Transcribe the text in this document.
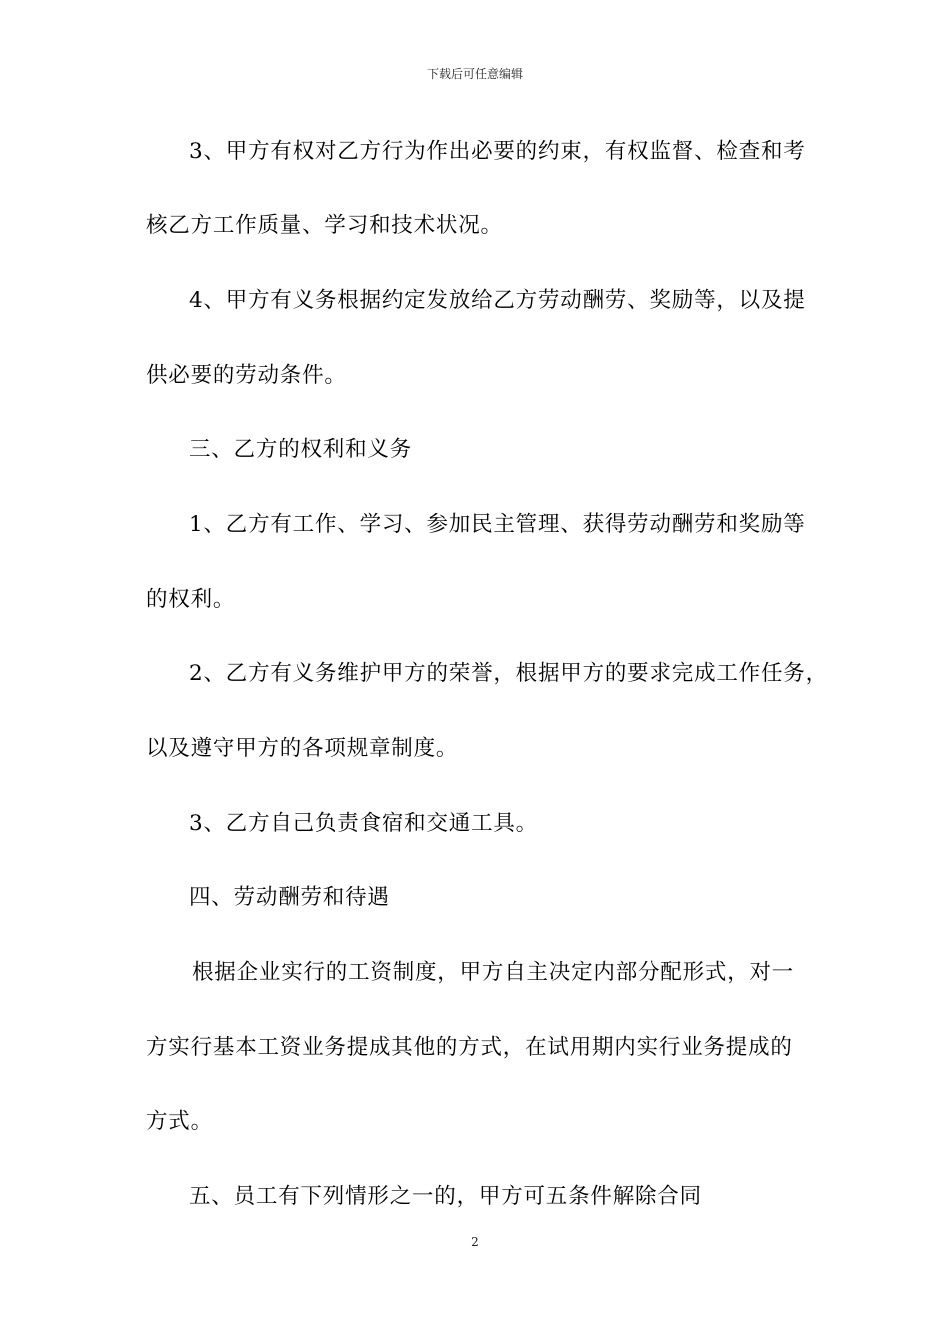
下载后可任意编辑
3、甲方有权对乙方行为作出必要的约束，有权监督、检查和考
核乙方工作质量、学习和技术状况。
4、甲方有义务根据约定发放给乙方劳动酬劳、奖励等，以及提
供必要的劳动条件。
三、乙方的权利和义务
1、乙方有工作、学习、参加民主管理、获得劳动酬劳和奖励等
的权利。
2、乙方有义务维护甲方的荣誉，根据甲方的要求完成工作任务，
以及遵守甲方的各项规章制度。
3、乙方自己负责食宿和交通工具。
四、劳动酬劳和待遇
根据企业实行的工资制度，甲方自主决定内部分配形式，对一
方实行基本工资业务提成其他的方式，在试用期内实行业务提成的
方式。
五、员工有下列情形之一的，甲方可五条件解除合同
2
